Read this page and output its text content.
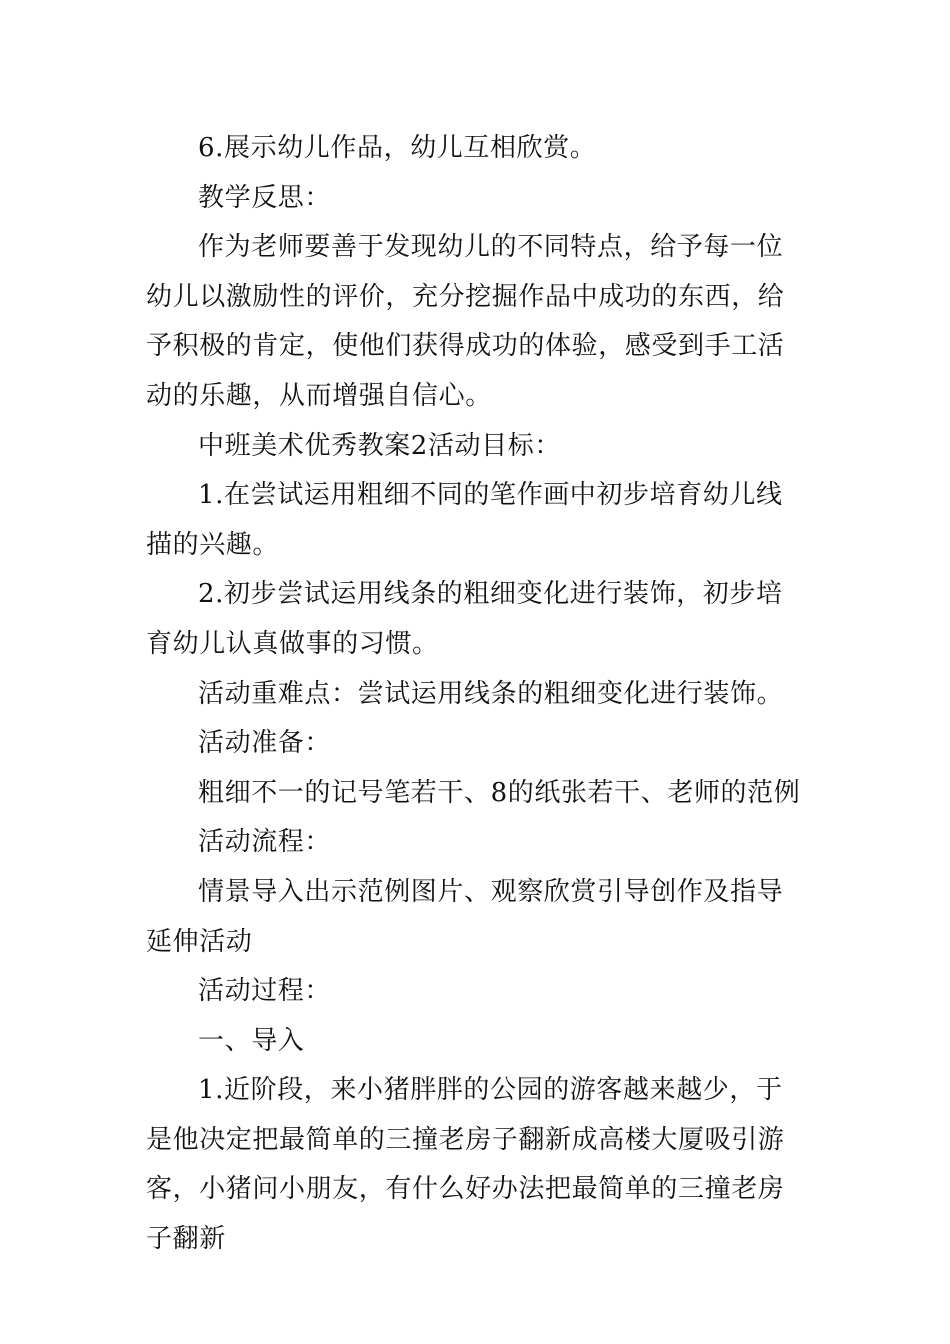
6.展示幼儿作品，幼儿互相欣赏。

教学反思：

作为老师要善于发现幼儿的不同特点，给予每一位幼儿以激励性的评价，充分挖掘作品中成功的东西，给予积极的肯定，使他们获得成功的体验，感受到手工活动的乐趣，从而增强自信心。

中班美术优秀教案2活动目标：

1.在尝试运用粗细不同的笔作画中初步培育幼儿线描的兴趣。

2.初步尝试运用线条的粗细变化进行装饰，初步培育幼儿认真做事的习惯。

活动重难点：尝试运用线条的粗细变化进行装饰。

活动准备：

粗细不一的记号笔若干、8的纸张若干、老师的范例

活动流程：

情景导入出示范例图片、观察欣赏引导创作及指导延伸活动

活动过程：

一、导入

1.近阶段，来小猪胖胖的公园的游客越来越少，于是他决定把最简单的三撞老房子翻新成高楼大厦吸引游客，小猪问小朋友，有什么好办法把最简单的三撞老房子翻新
